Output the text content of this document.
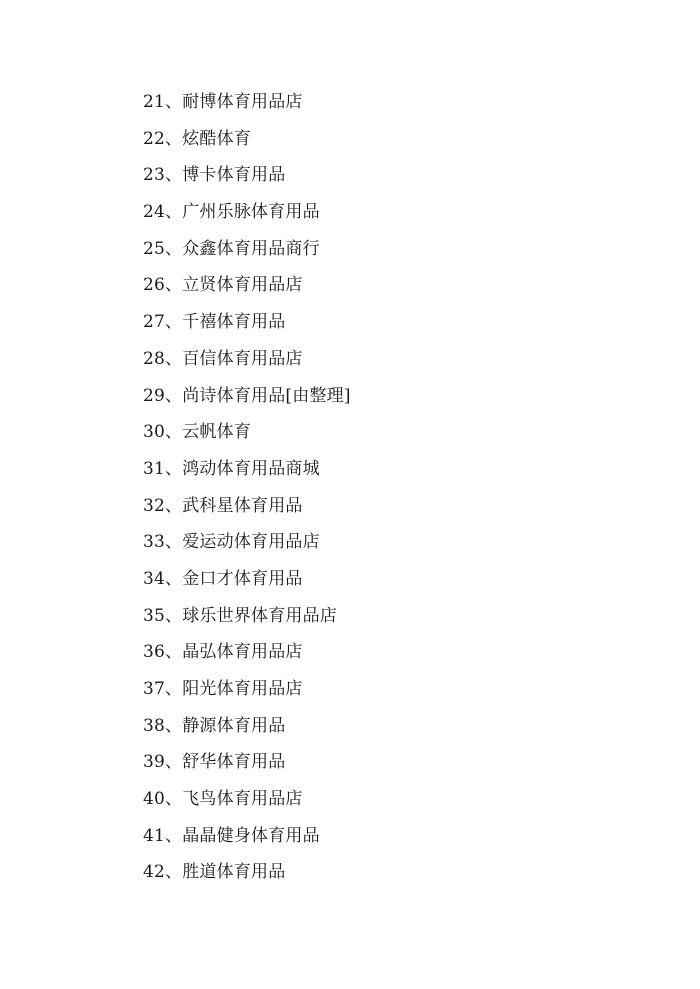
21、耐博体育用品店
22、炫酷体育
23、博卡体育用品
24、广州乐脉体育用品
25、众鑫体育用品商行
26、立贤体育用品店
27、千禧体育用品
28、百信体育用品店
29、尚诗体育用品[由整理]
30、云帆体育
31、鸿动体育用品商城
32、武科星体育用品
33、爱运动体育用品店
34、金口才体育用品
35、球乐世界体育用品店
36、晶弘体育用品店
37、阳光体育用品店
38、静源体育用品
39、舒华体育用品
40、飞鸟体育用品店
41、晶晶健身体育用品
42、胜道体育用品
